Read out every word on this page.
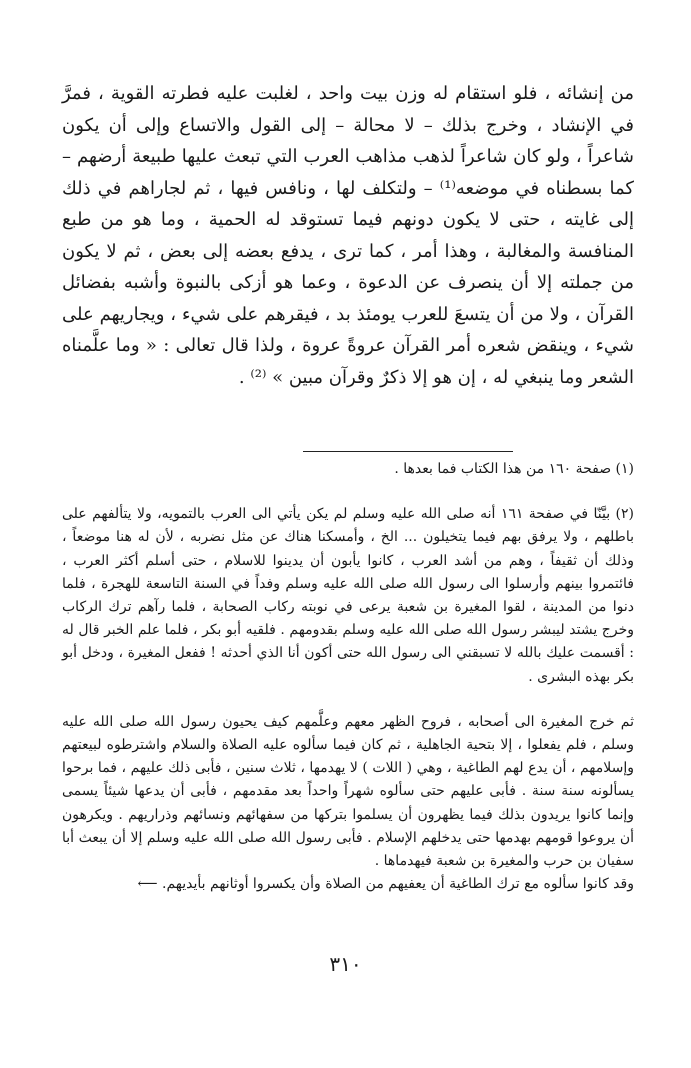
من إنشائه ، فلو استقام له وزن بيت واحد ، لغلبت عليه فطرته القوية ، فمرَّ في الإنشاد ، وخرج بذلك – لا محالة – إلى القول والاتساع وإلى أن يكون شاعراً ، ولو كان شاعراً لذهب مذاهب العرب التي تبعث عليها طبيعة أرضهم – كما بسطناه في موضعه⁽¹⁾ – ولتكلف لها ، ونافس فيها ، ثم لجاراهم في ذلك إلى غايته ، حتى لا يكون دونهم فيما تستوقد له الحمية ، وما هو من طبع المنافسة والمغالبة ، وهذا أمر ، كما ترى ، يدفع بعضه إلى بعض ، ثم لا يكون من جملته إلا أن ينصرف عن الدعوة ، وعما هو أزكى بالنبوة وأشبه بفضائل القرآن ، ولا من أن يتسعَ للعرب يومئذ بد ، فيقرهم على شيء ، ويجاريهم على شيء ، وينقض شعره أمر القرآن عروةً عروة ، ولذا قال تعالى : « وما علَّمناه الشعر وما ينبغي له ، إن هو إلا ذكرٌ وقرآن مبين » ⁽²⁾ .

(١) صفحة ١٦٠ من هذا الكتاب فما بعدها .

(٢) بيَّنّا في صفحة ١٦١ أنه صلى الله عليه وسلم لم يكن يأتي الى العرب بالتمويه، ولا يتألفهم على باطلهم ، ولا يرفق بهم فيما يتخيلون ... الخ ، وأمسكنا هناك عن مثل نضربه ، لأن له هنا موضعاً ، وذلك أن ثقيفاً ، وهم من أشد العرب ، كانوا يأبون أن يدينوا للاسلام ، حتى أسلم أكثر العرب ، فائتمروا بينهم وأرسلوا الى رسول الله صلى الله عليه وسلم وفداً في السنة التاسعة للهجرة ، فلما دنوا من المدينة ، لقوا المغيرة بن شعبة يرعى في نوبته ركاب الصحابة ، فلما رآهم ترك الركاب وخرج يشتد ليبشر رسول الله صلى الله عليه وسلم بقدومهم . فلقيه أبو بكر ، فلما علم الخبر قال له : أقسمت عليك بالله لا تسبقني الى رسول الله حتى أكون أنا الذي أحدثه ! ففعل المغيرة ، ودخل أبو بكر بهذه البشرى .

ثم خرج المغيرة الى أصحابه ، فروح الظهر معهم وعلَّمهم كيف يحيون رسول الله صلى الله عليه وسلم ، فلم يفعلوا ، إلا بتحية الجاهلية ، ثم كان فيما سألوه عليه الصلاة والسلام واشترطوه لبيعتهم وإسلامهم ، أن يدع لهم الطاغية ، وهي ( اللات ) لا يهدمها ، ثلاث سنين ، فأبى ذلك عليهم ، فما برحوا يسألونه سنة سنة . فأبى عليهم حتى سألوه شهراً واحداً بعد مقدمهم ، فأبى أن يدعها شيئاً يسمى وإنما كانوا يريدون بذلك فيما يظهرون أن يسلموا بتركها من سفهائهم ونسائهم وذراريهم . ويكرهون أن يروعوا قومهم بهدمها حتى يدخلهم الإسلام . فأبى رسول الله صلى الله عليه وسلم إلا أن يبعث أبا سفيان بن حرب والمغيرة بن شعبة فيهدماها .

وقد كانوا سألوه مع ترك الطاغية أن يعفيهم من الصلاة وأن يكسروا أوثانهم بأيديهم. ⟵

٣١٠
